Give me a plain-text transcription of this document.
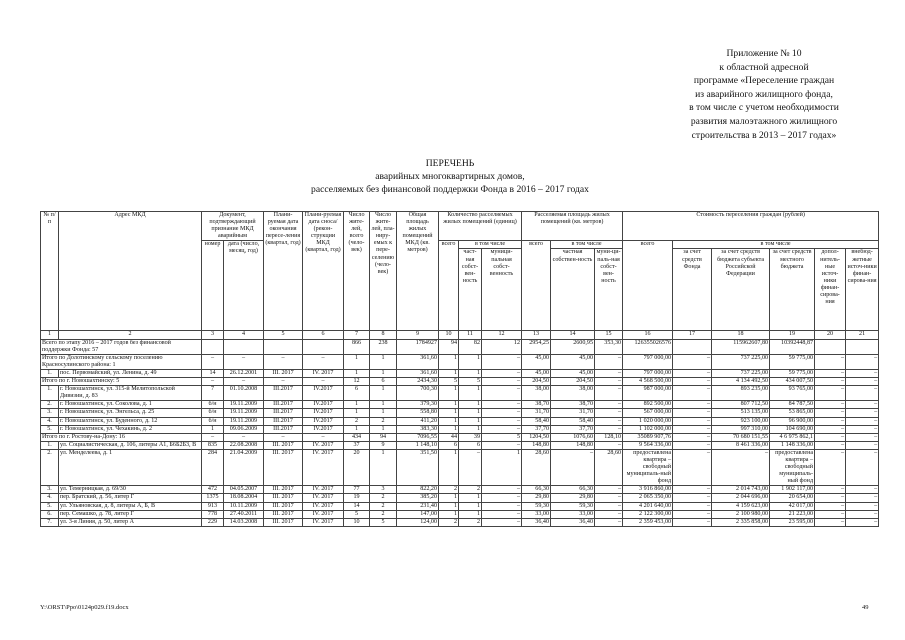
Приложение № 10
к областной адресной
программе «Переселение граждан
из аварийного жилищного фонда,
в том числе с учетом необходимости
развития малоэтажного жилищного
строительства в 2013 – 2017 годах»
ПЕРЕЧЕНЬ
аварийных многоквартирных домов,
расселяемых без финансовой поддержки Фонда в 2016 – 2017 годах
№ п/п	Адрес МКД	Документ, подтверждающий признание МКД аварийным		Плани-руемая дата окончания пересе-ления (квартал, год)	Плани-руемая дата сноса/ (рекон-струкции МКД (квартал, год)	Число жите-лей, всего (чело-век)	Число жите-лей, пла-ниру-емых к пере-селению (чело-век)	Общая площадь жилых помещений МКД (кв. метров)	Количество расселяемых жилых помещений (единиц)			Расселяемая площадь жилых помещений (кв. метров)			Стоимость переселения граждан (рублей)					
		номер	дата (число, месяц, год)						всего	в том числе		всего	в том числе		всего	в том числе				
										част-ная собст-вен-ность	муници-пальная собст-венность		частная собствен-ность	муни-ци-паль-ная собст-вен-ность		за счет средств Фонда	за счет средств бюджета субъекта Российской Федерации	за счет средств местного бюджета	допол-нитель-ные источ-ники финан-сирова-ния	внебюд-жетные источ-ники финан-сирова-ния
1	2	3	4	5	6	7	8	9	10	11	12	13	14	15	16	17	18	19	20	21
Всего по этапу 2016 – 2017 годов без финансовой поддержки Фонда: 57						866	238	1784927	94	82	12	2954,25	2600,95	353,30	126355026576		115962607,80	10392448,87		
Итого по Долотинскому сельскому поселению Красносулинского района: 1		–	–	–	–	1	1	361,60	1	1	–	45,00	45,00	–	797 000,00	–	737 225,00	59 775,00	–	–
1.	пос. Первомайский, ул. Ленина, д. 49	14	26.12.2001	III. 2017	IV. 2017	1	1	361,60	1	1	–	45,00	45,00	–	797 000,00	–	737 225,00	59 775,00	–	–
Итого по г. Новошахтинску: 5		–	–	–	–	12	6	2434,30	5	5	–	204,50	204,50	–	4 568 500,00	–	4 134 492,50	434 007,50	–	–
1.	г. Новошахтинск, ул. 315-й Мелитопольской Дивизии, д. 83	7	01.10.2008	III.2017	IV.2017	6	1	700,30	1	1	–	38,00	38,00	–	987 000,00	–	893 235,00	93 765,00	–	–
2.	г. Новошахтинск, ул. Соколова, д. 1	б/н	19.11.2009	III.2017	IV.2017	1	1	379,30	1	1	–	38,70	38,70	–	892 500,00	–	807 712,50	84 787,50	–	–
3.	г. Новошахтинск, ул. Энгельса, д. 25	б/н	19.11.2009	III.2017	IV.2017	1	1	558,80	1	1	–	31,70	31,70	–	567 000,00	–	513 135,00	53 865,00	–	–
4.	г. Новошахтинск, ул. Буденного, д. 12	б/н	19.11.2009	III.2017	IV.2017	2	2	411,20	1	1	–	58,40	58,40	–	1 020 000,00	–	923 100,00	96 900,00	–	–
5.	г. Новошахтинск, ул. Чехакинь, д. 2	1	09.06.2009	III.2017	IV.2017	1	1	383,30	1	1	–	37,70	37,70	–	1 102 000,00	–	997 310,00	104 690,00	–	–
Итого по г. Ростову-на-Дону: 16		–	–	–	–	434	94	7096,55	44	39	5	1204,50	1076,60	128,10	35089 907,76	–	70 680 151,55	4 6 975 862,1	–	–
1.	ул. Социалистическая, д. 106, литеры А1, Б6Б2Б3, В	835	22.08.2008	III. 2017	IV. 2017	37	9	1 148,10	6	6	–	148,80	148,80	–	9 564 336,00	–	8 461 336,00	1 148 336,00	–	–
2.	ул. Менделеева, д. 1	284	21.04.2009	III. 2017	IV. 2017	20	1	351,50	1	–	1	28,60	–	28,60	предоставлена квартира – свободный муниципаль-ный фонд	–	–	предоставлена квартира – свободный муниципаль-ный фонд	–	–
3.	ул. Темерницкая, д. 69/30	472	04.05.2007	III. 2017	IV. 2017	77	3	822,20	2	2	–	66,30	66,30	–	3 916 860,00	–	2 014 743,00	1 902 117,00	–	–
4.	пер. Братский, д. 56, литер Г	1375	18.08.2004	III. 2017	IV. 2017	19	2	385,20	1	1	–	29,80	29,80	–	2 065 350,00	–	2 044 696,00	20 654,00	–	–
5.	ул. Ульяновская, д. 8, литеры А, Б, В	913	10.11.2009	III. 2017	IV. 2017	14	2	231,40	1	1	–	59,30	59,30	–	4 201 640,00	–	4 159 623,00	42 017,00	–	–
6.	пер. Семашко, д. 78, литер Г	778	27.40.2011	III. 2017	IV. 2017	5	2	147,00	1	1	–	33,00	33,00	–	2 122 300,00	–	2 100 980,00	21 223,00	–	–
7.	ул. 3-я Линия, д. 50, литер А	229	14.03.2008	III. 2017	IV. 2017	10	5	124,00	2	2	–	36,40	36,40	–	2 359 453,00	–	2 335 858,00	23 595,00	–	–
Y:\ORST\Ppo\0124p029.f19.docx	49
